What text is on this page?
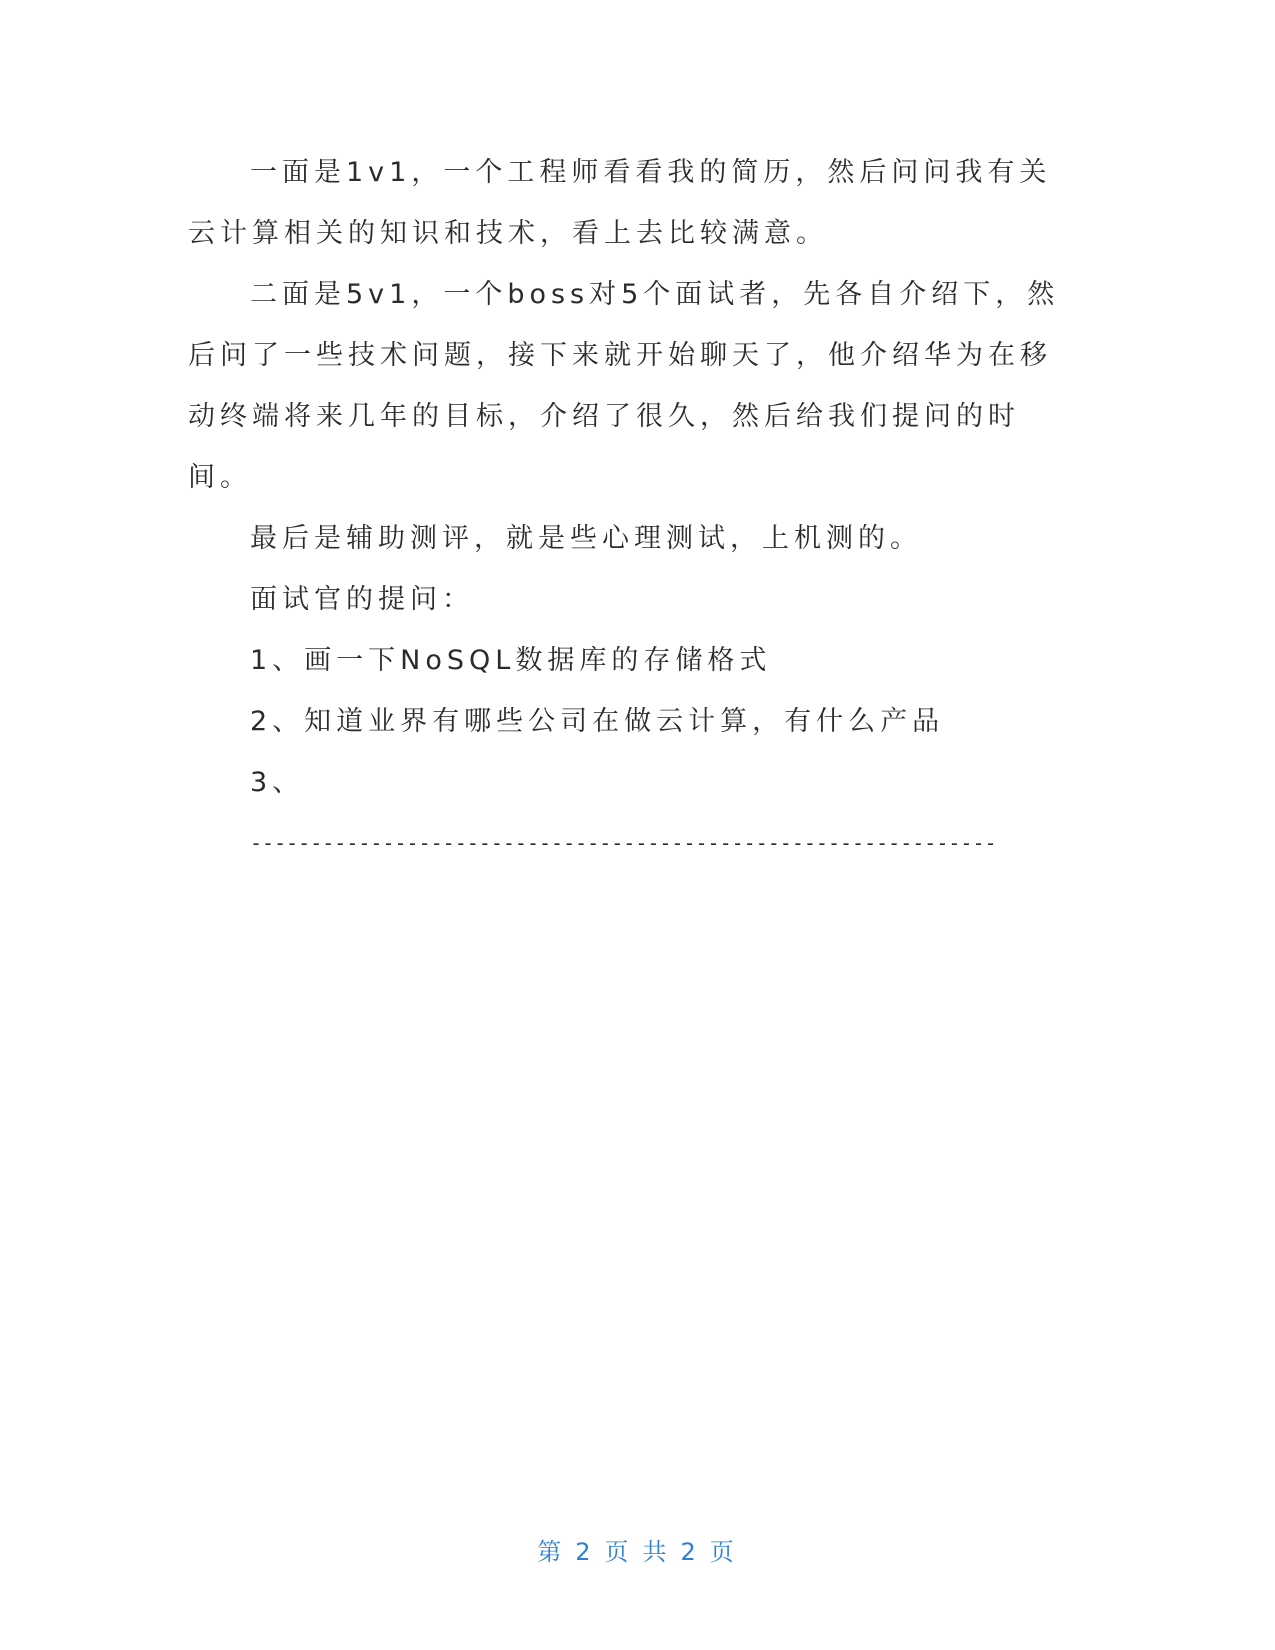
一面是1v1，一个工程师看看我的简历，然后问问我有关云计算相关的知识和技术，看上去比较满意。

二面是5v1，一个boss对5个面试者，先各自介绍下，然后问了一些技术问题，接下来就开始聊天了，他介绍华为在移动终端将来几年的目标，介绍了很久，然后给我们提问的时间。

最后是辅助测评，就是些心理测试，上机测的。

面试官的提问：

1、画一下NoSQL数据库的存储格式

2、知道业界有哪些公司在做云计算，有什么产品

3、

--------------------------------------------------------------

第 2 页 共 2 页
